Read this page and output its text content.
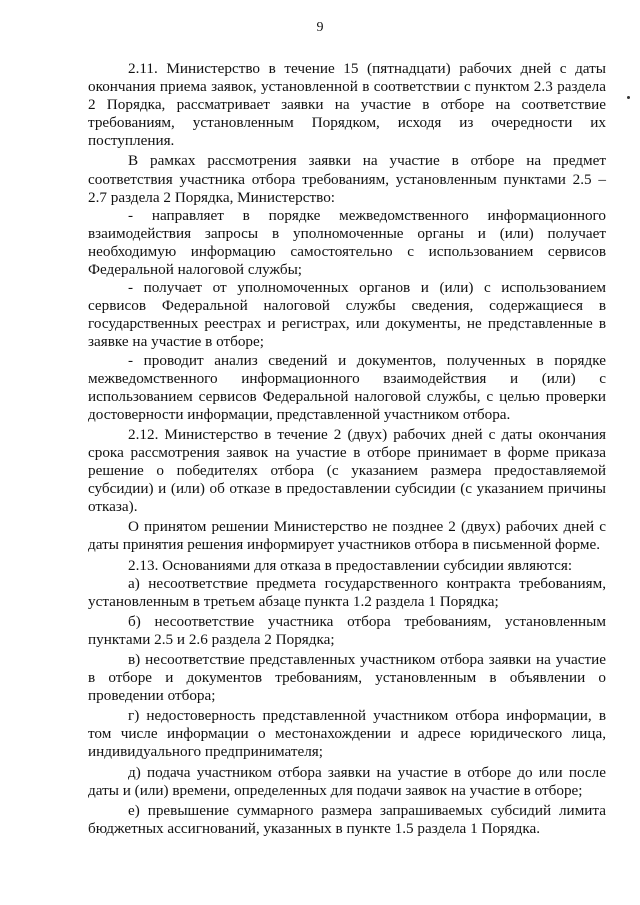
9

2.11. Министерство в течение 15 (пятнадцати) рабочих дней с даты окончания приема заявок, установленной в соответствии с пунктом 2.3 раздела 2 Порядка, рассматривает заявки на участие в отборе на соответствие требованиям, установленным Порядком, исходя из очередности их поступления.

В рамках рассмотрения заявки на участие в отборе на предмет соответствия участника отбора требованиям, установленным пунктами 2.5 – 2.7 раздела 2 Порядка, Министерство:

- направляет в порядке межведомственного информационного взаимодействия запросы в уполномоченные органы и (или) получает необходимую информацию самостоятельно с использованием сервисов Федеральной налоговой службы;

- получает от уполномоченных органов и (или) с использованием сервисов Федеральной налоговой службы сведения, содержащиеся в государственных реестрах и регистрах, или документы, не представленные в заявке на участие в отборе;

- проводит анализ сведений и документов, полученных в порядке межведомственного информационного взаимодействия и (или) с использованием сервисов Федеральной налоговой службы, с целью проверки достоверности информации, представленной участником отбора.

2.12. Министерство в течение 2 (двух) рабочих дней с даты окончания срока рассмотрения заявок на участие в отборе принимает в форме приказа решение о победителях отбора (с указанием размера предоставляемой субсидии) и (или) об отказе в предоставлении субсидии (с указанием причины отказа).

О принятом решении Министерство не позднее 2 (двух) рабочих дней с даты принятия решения информирует участников отбора в письменной форме.

2.13. Основаниями для отказа в предоставлении субсидии являются:

а) несоответствие предмета государственного контракта требованиям, установленным в третьем абзаце пункта 1.2 раздела 1 Порядка;

б) несоответствие участника отбора требованиям, установленным пунктами 2.5 и 2.6 раздела 2 Порядка;

в) несоответствие представленных участником отбора заявки на участие в отборе и документов требованиям, установленным в объявлении о проведении отбора;

г) недостоверность представленной участником отбора информации, в том числе информации о местонахождении и адресе юридического лица, индивидуального предпринимателя;

д) подача участником отбора заявки на участие в отборе до или после даты и (или) времени, определенных для подачи заявок на участие в отборе;

е) превышение суммарного размера запрашиваемых субсидий лимита бюджетных ассигнований, указанных в пункте 1.5 раздела 1 Порядка.
